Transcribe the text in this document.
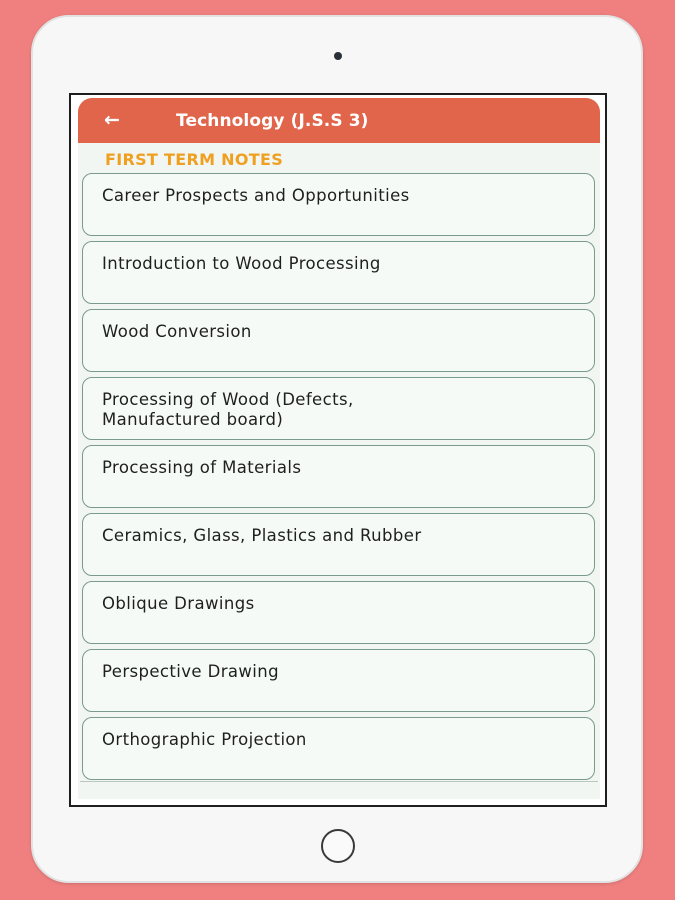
←	Technology (J.S.S 3)
FIRST TERM NOTES
Career Prospects and Opportunities
Introduction to Wood Processing
Wood Conversion
Processing of Wood (Defects,
Manufactured board)
Processing of Materials
Ceramics, Glass, Plastics and Rubber
Oblique Drawings
Perspective Drawing
Orthographic Projection
